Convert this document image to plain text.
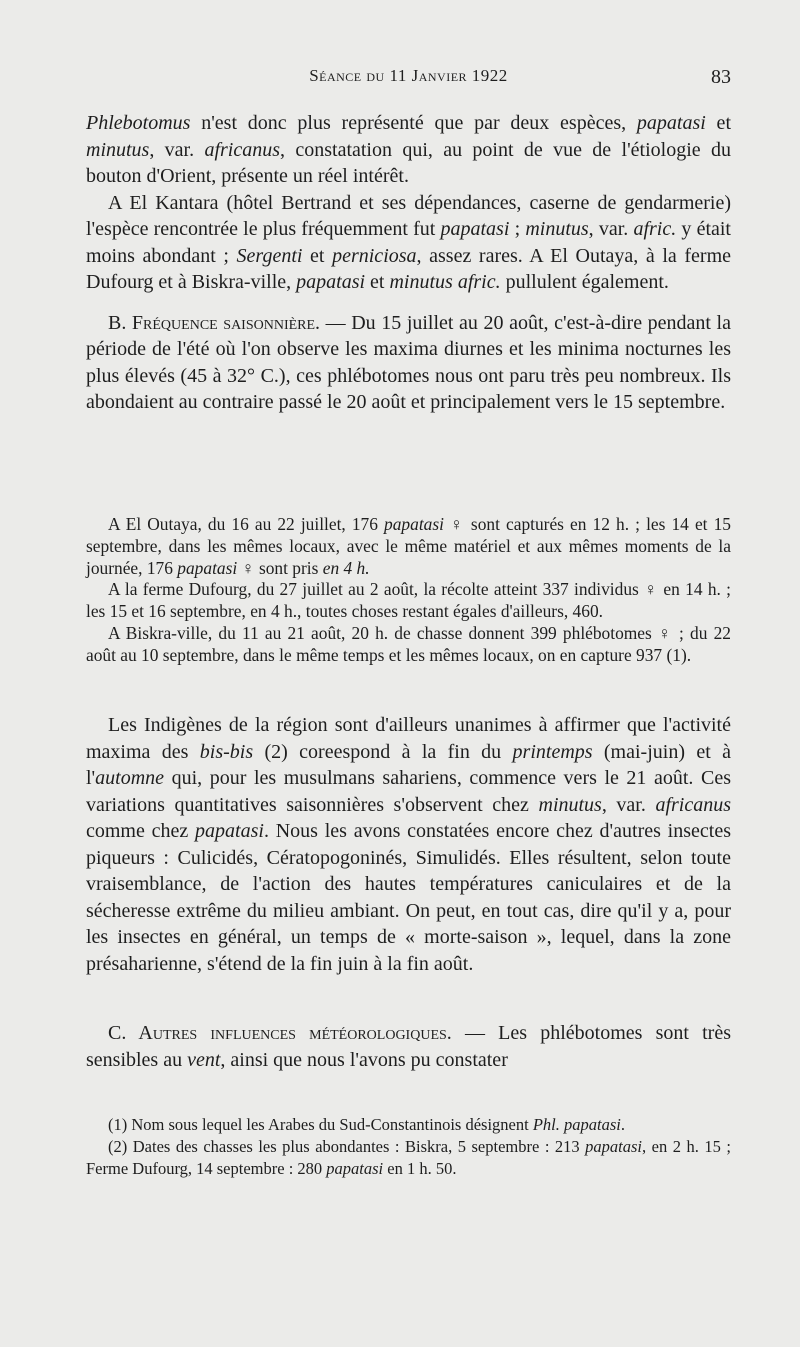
Séance du 11 Janvier 1922	83

Phlebotomus n'est donc plus représenté que par deux espèces, papatasi et minutus, var. africanus, constatation qui, au point de vue de l'étiologie du bouton d'Orient, présente un réel intérêt.

A El Kantara (hôtel Bertrand et ses dépendances, caserne de gendarmerie) l'espèce rencontrée le plus fréquemment fut papatasi ; minutus, var. afric. y était moins abondant ; Sergenti et perniciosa, assez rares. A El Outaya, à la ferme Dufourg et à Biskra-ville, papatasi et minutus afric. pullulent également.

B. Fréquence saisonnière. — Du 15 juillet au 20 août, c'est-à-dire pendant la période de l'été où l'on observe les maxima diurnes et les minima nocturnes les plus élevés (45 à 32° C.), ces phlébotomes nous ont paru très peu nombreux. Ils abondaient au contraire passé le 20 août et principalement vers le 15 septembre.

A El Outaya, du 16 au 22 juillet, 176 papatasi ♀ sont capturés en 12 h. ; les 14 et 15 septembre, dans les mêmes locaux, avec le même matériel et aux mêmes moments de la journée, 176 papatasi ♀ sont pris en 4 h.

A la ferme Dufourg, du 27 juillet au 2 août, la récolte atteint 337 individus ♀ en 14 h. ; les 15 et 16 septembre, en 4 h., toutes choses restant égales d'ailleurs, 460.

A Biskra-ville, du 11 au 21 août, 20 h. de chasse donnent 399 phlébotomes ♀ ; du 22 août au 10 septembre, dans le même temps et les mêmes locaux, on en capture 937 (1).

Les Indigènes de la région sont d'ailleurs unanimes à affirmer que l'activité maxima des bis-bis (2) coreespond à la fin du printemps (mai-juin) et à l'automne qui, pour les musulmans sahariens, commence vers le 21 août. Ces variations quantitatives saisonnières s'observent chez minutus, var. africanus comme chez papatasi. Nous les avons constatées encore chez d'autres insectes piqueurs : Culicidés, Cératopogoninés, Simulidés. Elles résultent, selon toute vraisemblance, de l'action des hautes températures caniculaires et de la sécheresse extrême du milieu ambiant. On peut, en tout cas, dire qu'il y a, pour les insectes en général, un temps de « morte-saison », lequel, dans la zone présaharienne, s'étend de la fin juin à la fin août.

C. Autres influences météorologiques. — Les phlébotomes sont très sensibles au vent, ainsi que nous l'avons pu constater

(1) Nom sous lequel les Arabes du Sud-Constantinois désignent Phl. papatasi.

(2) Dates des chasses les plus abondantes : Biskra, 5 septembre : 213 papatasi, en 2 h. 15 ; Ferme Dufourg, 14 septembre : 280 papatasi en 1 h. 50.
